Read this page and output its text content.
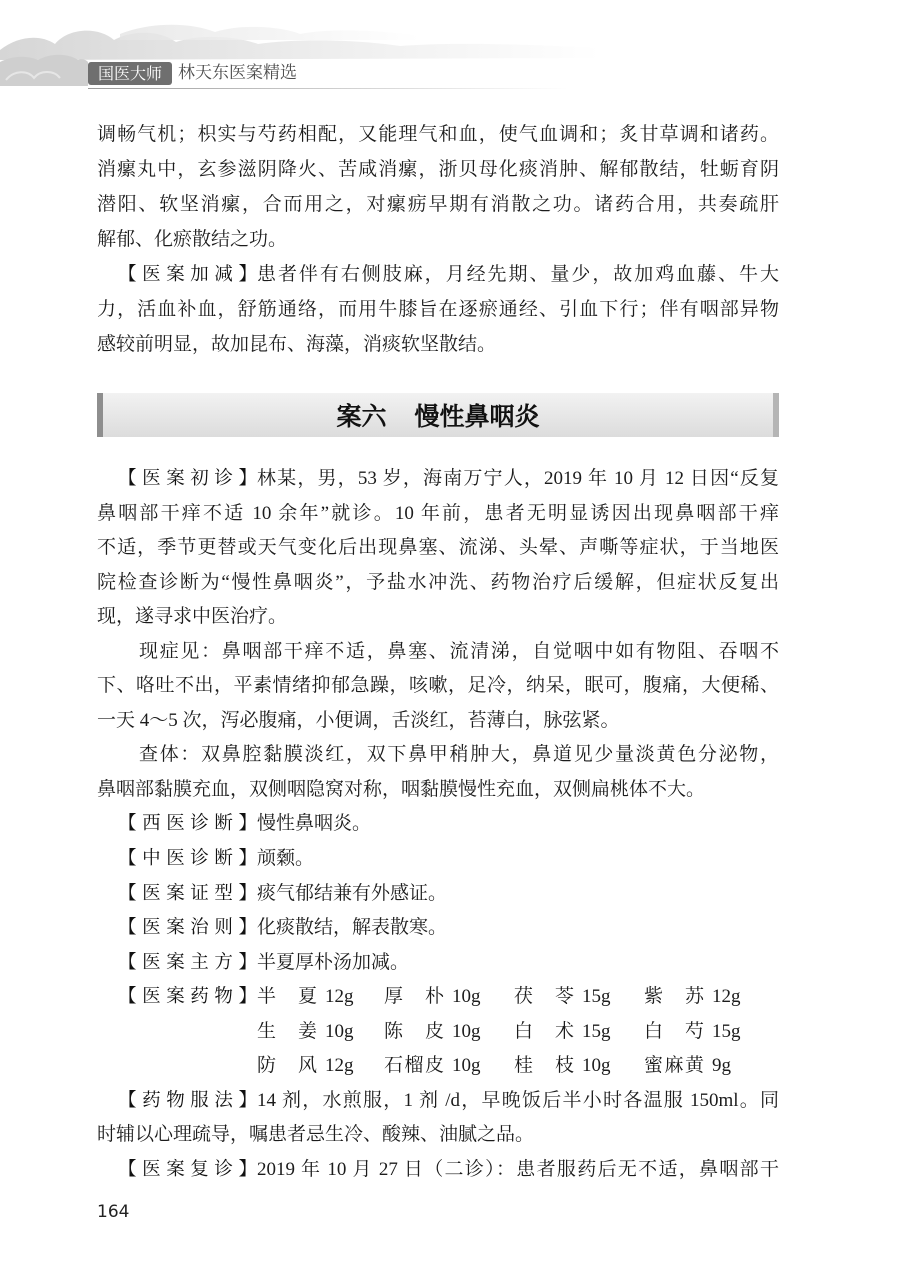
国医大师 林天东医案精选
调畅气机；枳实与芍药相配，又能理气和血，使气血调和；炙甘草调和诸药。
消瘰丸中，玄参滋阴降火、苦咸消瘰，浙贝母化痰消肿、解郁散结，牡蛎育阴
潜阳、软坚消瘰，合而用之，对瘰疬早期有消散之功。诸药合用，共奏疏肝
解郁、化瘀散结之功。
【医案加减】 患者伴有右侧肢麻，月经先期、量少，故加鸡血藤、牛大
力，活血补血，舒筋通络，而用牛膝旨在逐瘀通经、引血下行；伴有咽部异物
感较前明显，故加昆布、海藻，消痰软坚散结。
案六 慢性鼻咽炎
【医案初诊】 林某，男，53 岁，海南万宁人，2019 年 10 月 12 日因“反复
鼻咽部干痒不适 10 余年”就诊。10 年前，患者无明显诱因出现鼻咽部干痒
不适，季节更替或天气变化后出现鼻塞、流涕、头晕、声嘶等症状，于当地医
院检查诊断为“慢性鼻咽炎”，予盐水冲洗、药物治疗后缓解，但症状反复出
现，遂寻求中医治疗。
现症见：鼻咽部干痒不适，鼻塞、流清涕，自觉咽中如有物阻、吞咽不
下、咯吐不出，平素情绪抑郁急躁，咳嗽，足冷，纳呆，眠可，腹痛，大便稀、
一天 4～5 次，泻必腹痛，小便调，舌淡红，苔薄白，脉弦紧。
查体：双鼻腔黏膜淡红，双下鼻甲稍肿大，鼻道见少量淡黄色分泌物，
鼻咽部黏膜充血，双侧咽隐窝对称，咽黏膜慢性充血，双侧扁桃体不大。
【西医诊断】 慢性鼻咽炎。
【中医诊断】 颃颡。
【医案证型】 痰气郁结兼有外感证。
【医案治则】 化痰散结，解表散寒。
【医案主方】 半夏厚朴汤加减。
【医案药物】 半　夏 12g	厚　朴 10g	茯　苓 15g	紫　苏 12g
生　姜 10g	陈　皮 10g	白　术 15g	白　芍 15g
防　风 12g	石榴皮 10g	桂　枝 10g	蜜麻黄 9g
【药物服法】 14 剂，水煎服，1 剂 /d，早晚饭后半小时各温服 150ml。同
时辅以心理疏导，嘱患者忌生冷、酸辣、油腻之品。
【医案复诊】 2019 年 10 月 27 日（二诊）：患者服药后无不适，鼻咽部干
164
